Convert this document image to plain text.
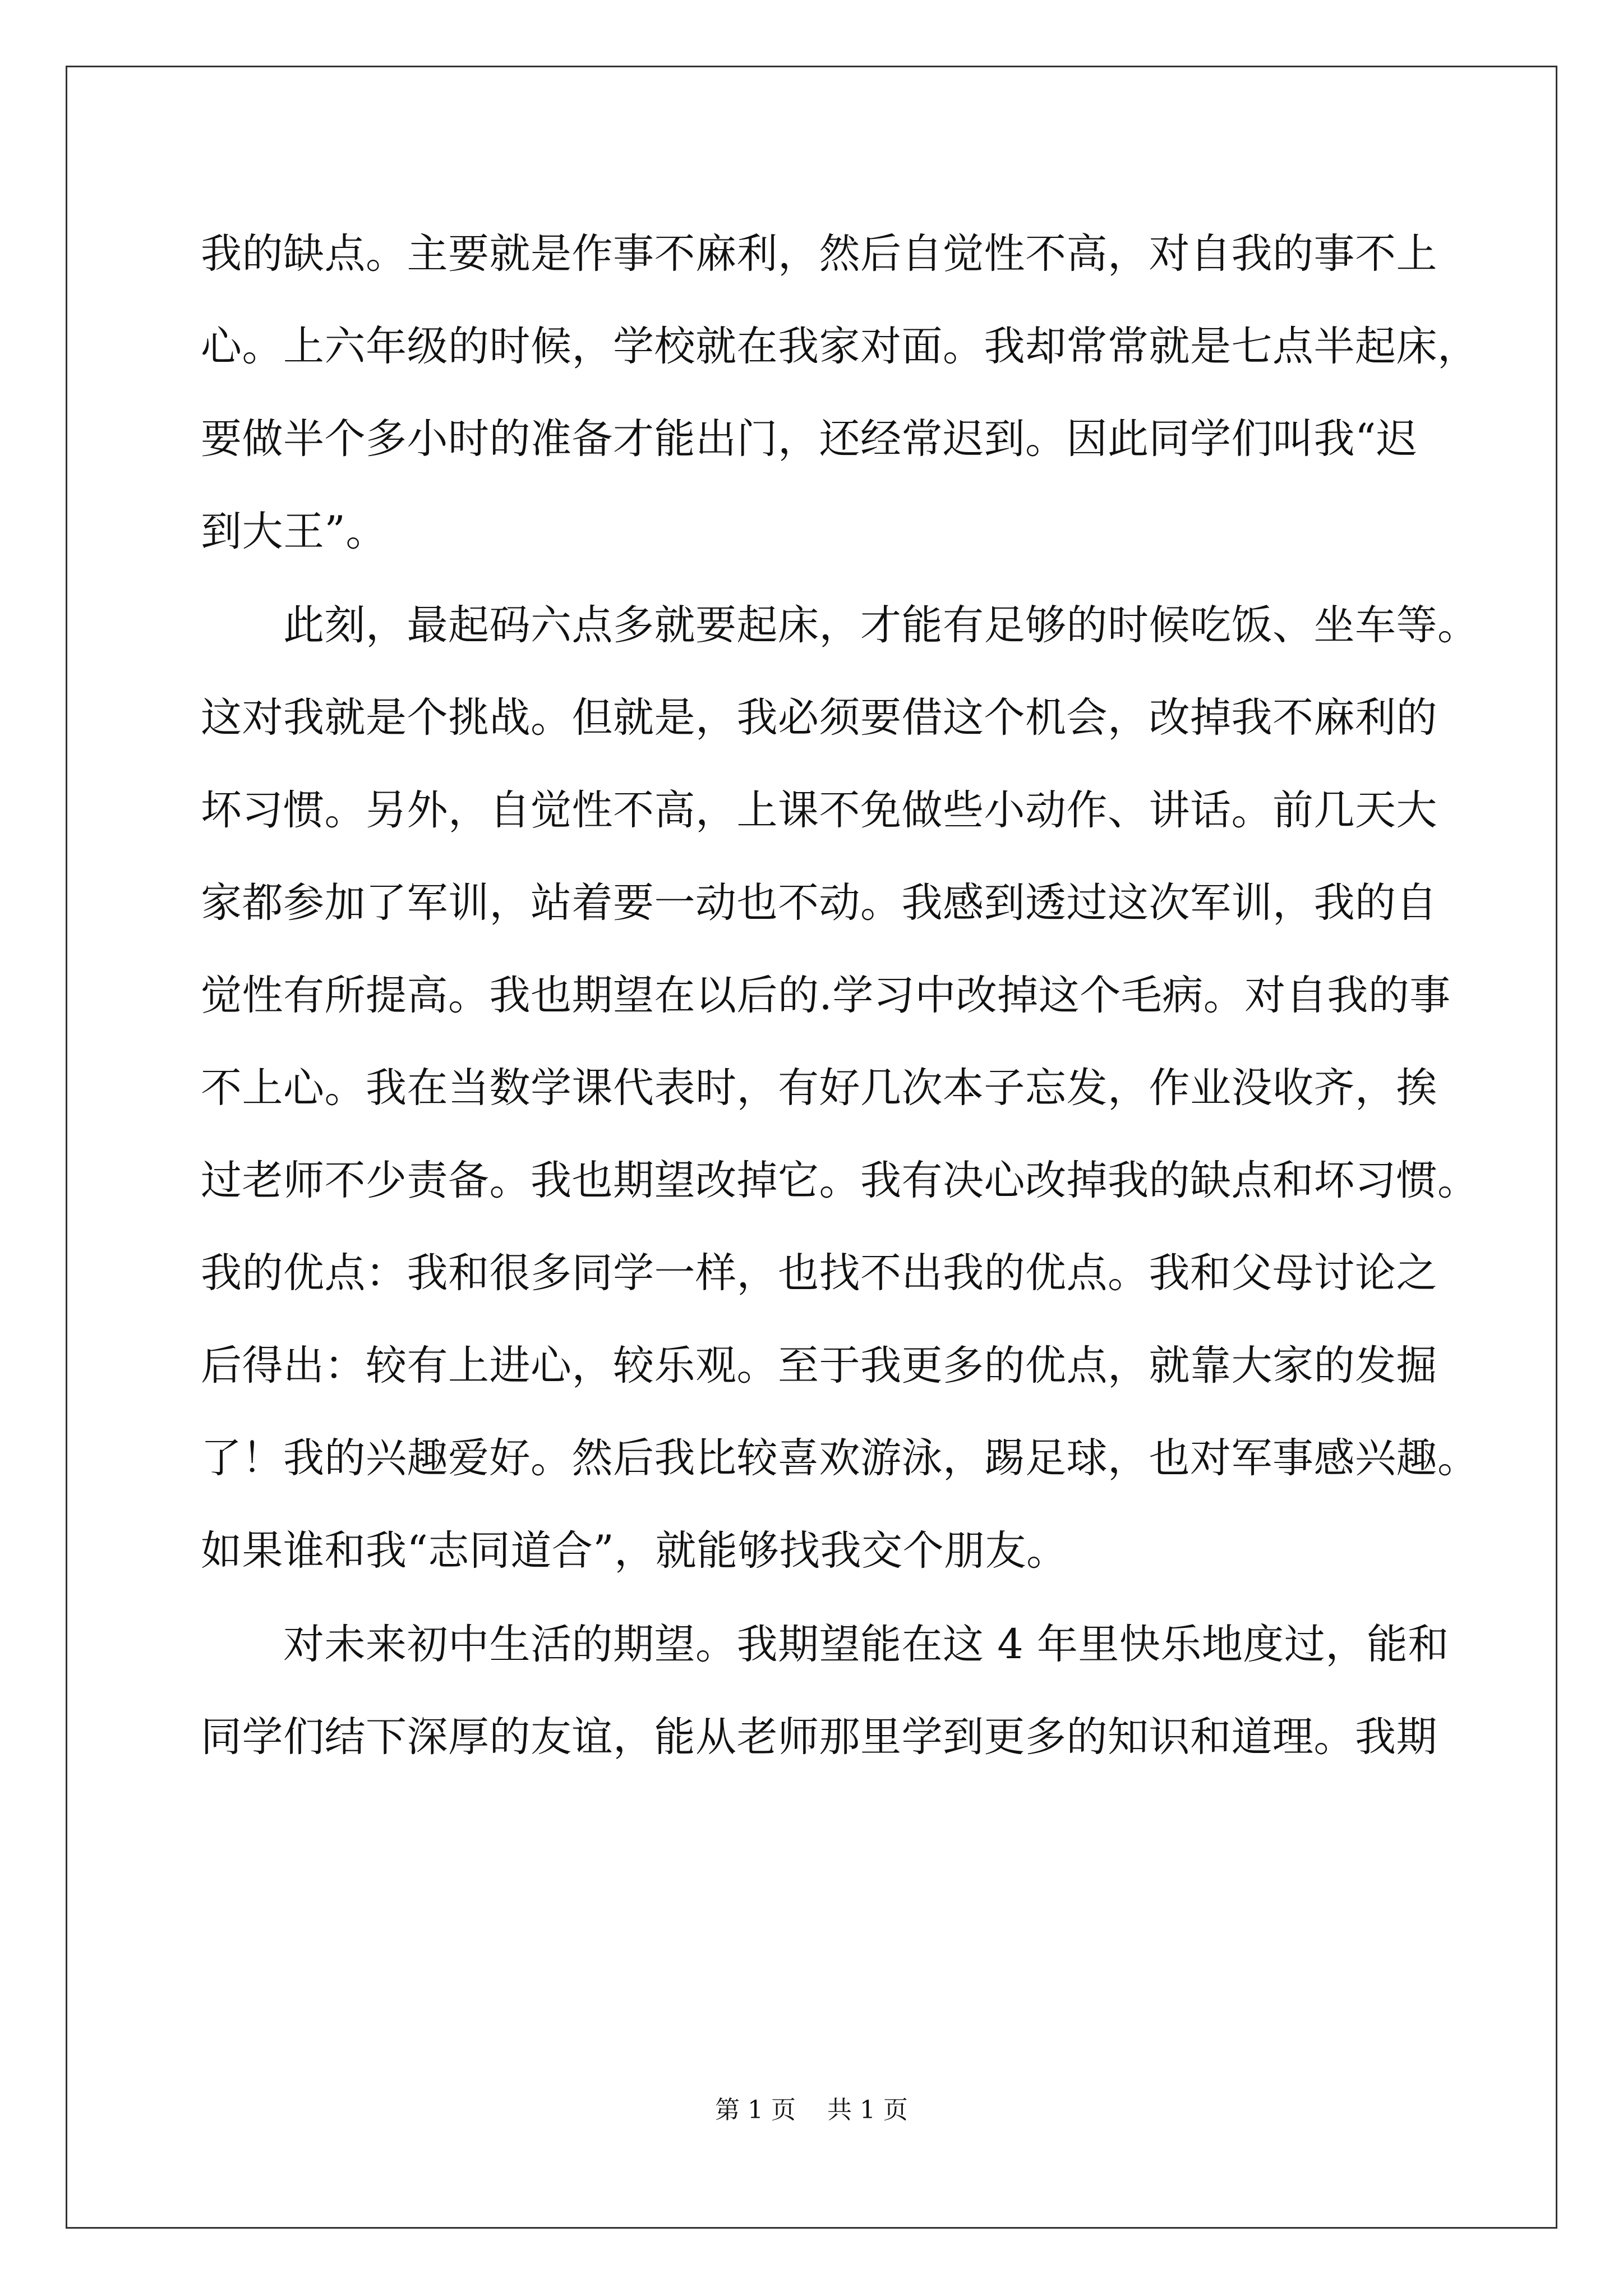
我的缺点。主要就是作事不麻利，然后自觉性不高，对自我的事不上
心。上六年级的时候，学校就在我家对面。我却常常就是七点半起床，
要做半个多小时的准备才能出门，还经常迟到。因此同学们叫我“迟
到大王”。
　　此刻，最起码六点多就要起床，才能有足够的时候吃饭、坐车等。
这对我就是个挑战。但就是，我必须要借这个机会，改掉我不麻利的
坏习惯。另外，自觉性不高，上课不免做些小动作、讲话。前几天大
家都参加了军训，站着要一动也不动。我感到透过这次军训，我的自
觉性有所提高。我也期望在以后的.学习中改掉这个毛病。对自我的事
不上心。我在当数学课代表时，有好几次本子忘发，作业没收齐，挨
过老师不少责备。我也期望改掉它。我有决心改掉我的缺点和坏习惯。
我的优点：我和很多同学一样，也找不出我的优点。我和父母讨论之
后得出：较有上进心，较乐观。至于我更多的优点，就靠大家的发掘
了！我的兴趣爱好。然后我比较喜欢游泳，踢足球，也对军事感兴趣。
如果谁和我“志同道合”，就能够找我交个朋友。
　　对未来初中生活的期望。我期望能在这 4 年里快乐地度过，能和
同学们结下深厚的友谊，能从老师那里学到更多的知识和道理。我期
第 1 页    共 1 页
